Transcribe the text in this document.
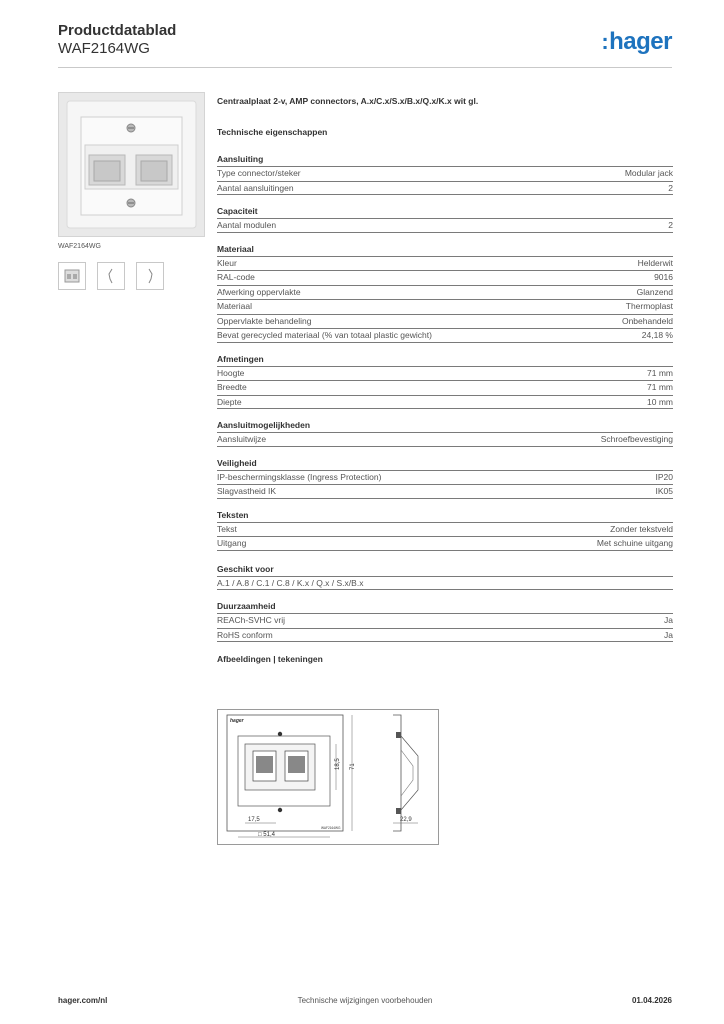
Productdatablad
WAF2164WG	:hager
WAF2164WG
Centraalplaat 2-v, AMP connectors, A.x/C.x/S.x/B.x/Q.x/K.x wit gl.
Technische eigenschappen
Aansluiting
Type connector/steker	Modular jack
Aantal aansluitingen	2
Capaciteit
Aantal modulen	2
Materiaal
Kleur	Helderwit
RAL-code	9016
Afwerking oppervlakte	Glanzend
Materiaal	Thermoplast
Oppervlakte behandeling	Onbehandeld
Bevat gerecycled materiaal (% van totaal plastic gewicht)	24,18 %
Afmetingen
Hoogte	71 mm
Breedte	71 mm
Diepte	10 mm
Aansluitmogelijkheden
Aansluitwijze	Schroefbevestiging
Veiligheid
IP-beschermingsklasse (Ingress Protection)	IP20
Slagvastheid IK	IK05
Teksten
Tekst	Zonder tekstveld
Uitgang	Met schuine uitgang
Geschikt voor
A.1 / A.8 / C.1 / C.8 / K.x / Q.x / S.x/B.x
Duurzaamheid
REACh-SVHC vrij	Ja
RoHS conform	Ja
Afbeeldingen | tekeningen
hager
WAF2164WG
18,5 71
17,5
□ 51,4
22,9
hager.com/nl	Technische wijzigingen voorbehouden	01.04.2026
